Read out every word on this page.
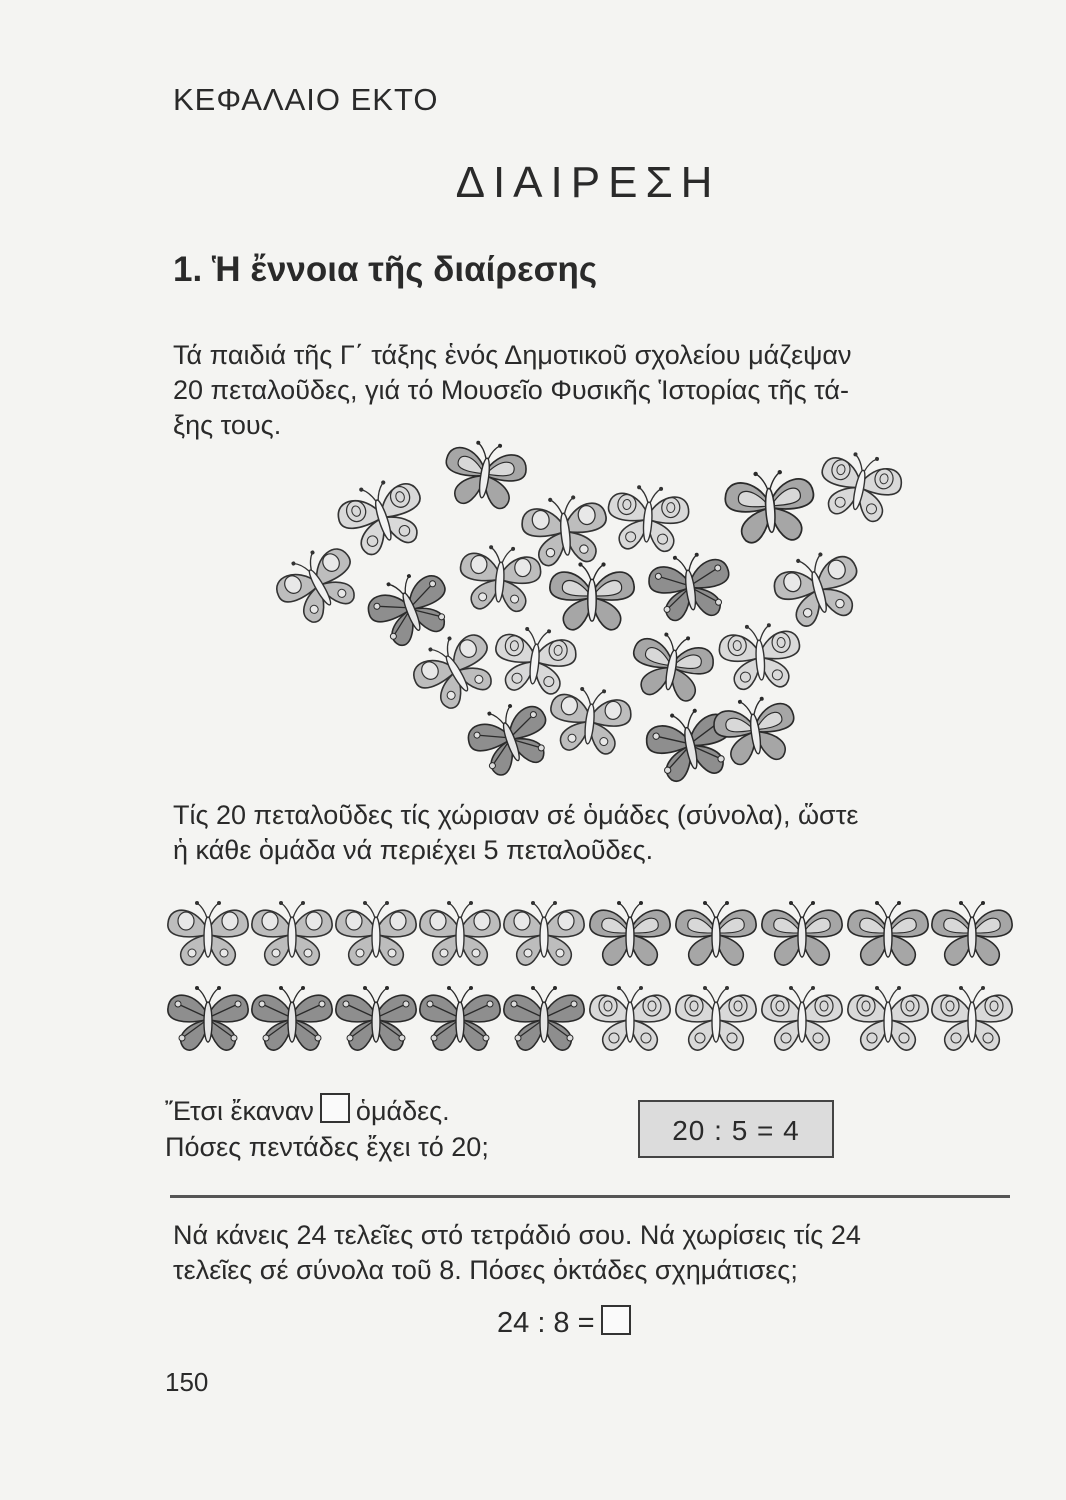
ΚΕΦΑΛΑΙΟ ΕΚΤΟ
ΔΙΑΙΡΕΣΗ
1. Ἡ ἔννοια τῆς διαίρεσης
Τά παιδιά τῆς Γ΄ τάξης ἑνός Δημοτικοῦ σχολείου μάζεψαν
20 πεταλοῦδες, γιά τό Μουσεῖο Φυσικῆς Ἱστορίας τῆς τά-
ξης τους.
Τίς 20 πεταλοῦδες τίς χώρισαν σέ ὁμάδες (σύνολα), ὥστε
ἡ κάθε ὁμάδα νά περιέχει 5 πεταλοῦδες.
Ἔτσι ἔκαναν ὁμάδες.
Πόσες πεντάδες ἔχει τό 20;
20 : 5 = 4
Νά κάνεις 24 τελεῖες στό τετράδιό σου. Νά χωρίσεις τίς 24
τελεῖες σέ σύνολα τοῦ 8. Πόσες ὀκτάδες σχημάτισες;
24 : 8 =
150
